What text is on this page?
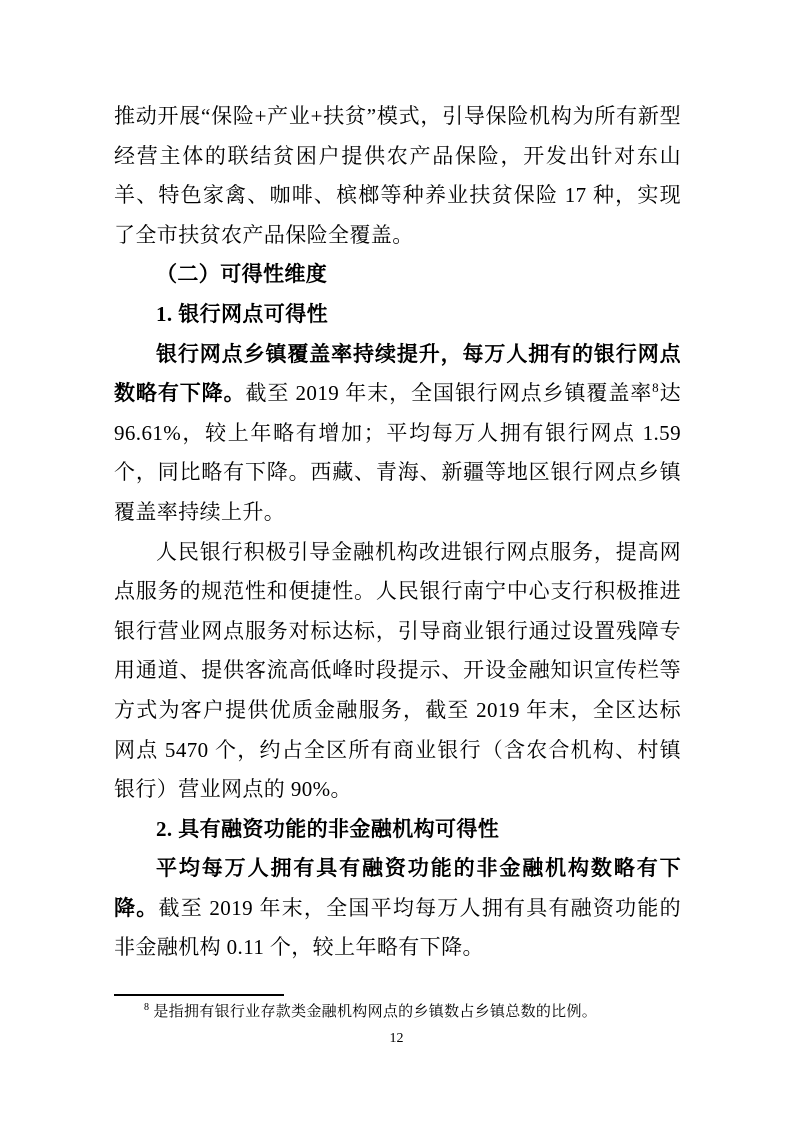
推动开展“保险+产业+扶贫”模式，引导保险机构为所有新型经营主体的联结贫困户提供农产品保险，开发出针对东山羊、特色家禽、咖啡、槟榔等种养业扶贫保险 17 种，实现了全市扶贫农产品保险全覆盖。

（二）可得性维度

1. 银行网点可得性

银行网点乡镇覆盖率持续提升，每万人拥有的银行网点数略有下降。截至 2019 年末，全国银行网点乡镇覆盖率$^8$达 96.61%，较上年略有增加；平均每万人拥有银行网点 1.59 个，同比略有下降。西藏、青海、新疆等地区银行网点乡镇覆盖率持续上升。

人民银行积极引导金融机构改进银行网点服务，提高网点服务的规范性和便捷性。人民银行南宁中心支行积极推进银行营业网点服务对标达标，引导商业银行通过设置残障专用通道、提供客流高低峰时段提示、开设金融知识宣传栏等方式为客户提供优质金融服务，截至 2019 年末，全区达标网点 5470 个，约占全区所有商业银行（含农合机构、村镇银行）营业网点的 90%。

2. 具有融资功能的非金融机构可得性

平均每万人拥有具有融资功能的非金融机构数略有下降。截至 2019 年末，全国平均每万人拥有具有融资功能的非金融机构 0.11 个，较上年略有下降。

$^8$ 是指拥有银行业存款类金融机构网点的乡镇数占乡镇总数的比例。

12
